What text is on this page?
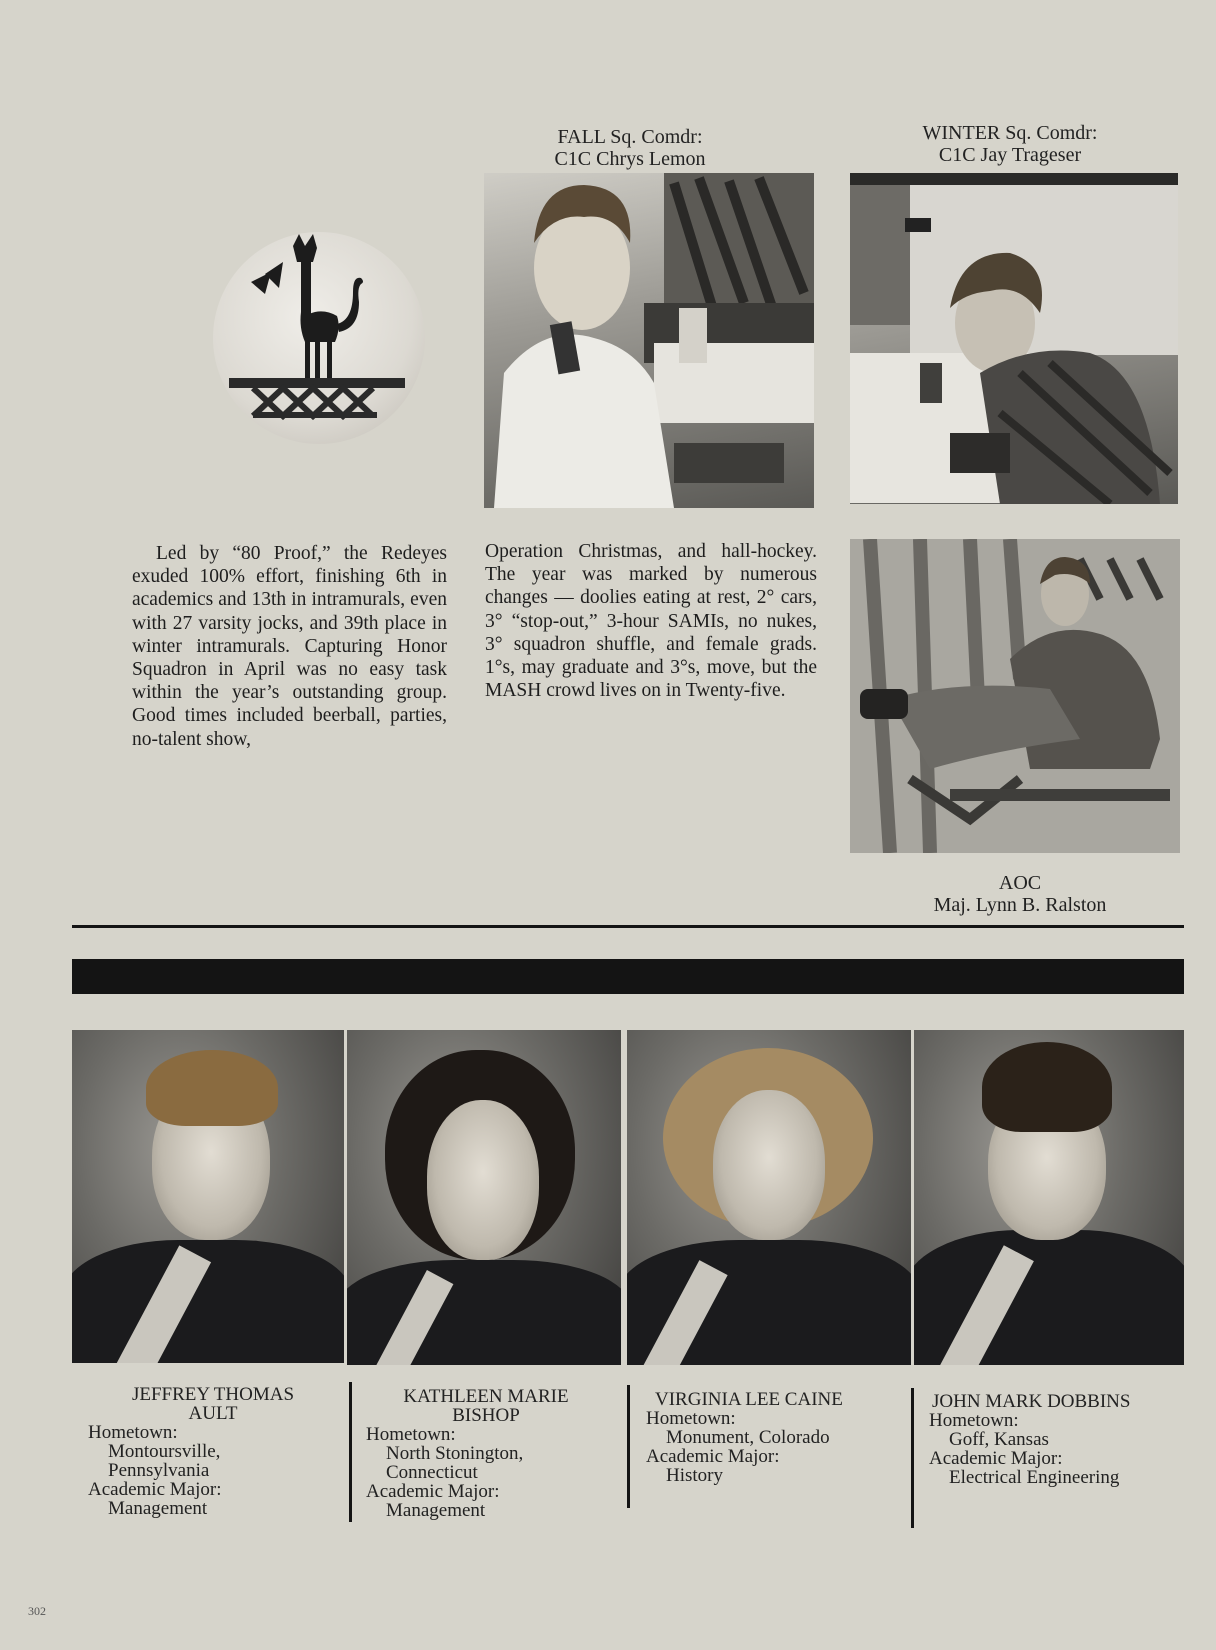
FALL Sq. Comdr:
C1C Chrys Lemon
WINTER Sq. Comdr:
C1C Jay Trageser

Led by “80 Proof,” the Redeyes exuded 100% effort, finishing 6th in academics and 13th in intramurals, even with 27 varsity jocks, and 39th place in winter intramurals. Capturing Honor Squadron in April was no easy task within the year’s outstanding group. Good times included beerball, parties, no-talent show,

Operation Christmas, and hall-hockey. The year was marked by numerous changes — doolies eating at rest, 2° cars, 3° “stop-out,” 3-hour SAMIs, no nukes, 3° squadron shuffle, and female grads. 1°s, may graduate and 3°s, move, but the MASH crowd lives on in Twenty-five.

AOC
Maj. Lynn B. Ralston
JEFFREY THOMAS
AULT
Hometown:
Montoursville,
Pennsylvania
Academic Major:
Management
KATHLEEN MARIE
BISHOP
Hometown:
North Stonington,
Connecticut
Academic Major:
Management
VIRGINIA LEE CAINE
Hometown:
Monument, Colorado
Academic Major:
History
JOHN MARK DOBBINS
Hometown:
Goff, Kansas
Academic Major:
Electrical Engineering
302
